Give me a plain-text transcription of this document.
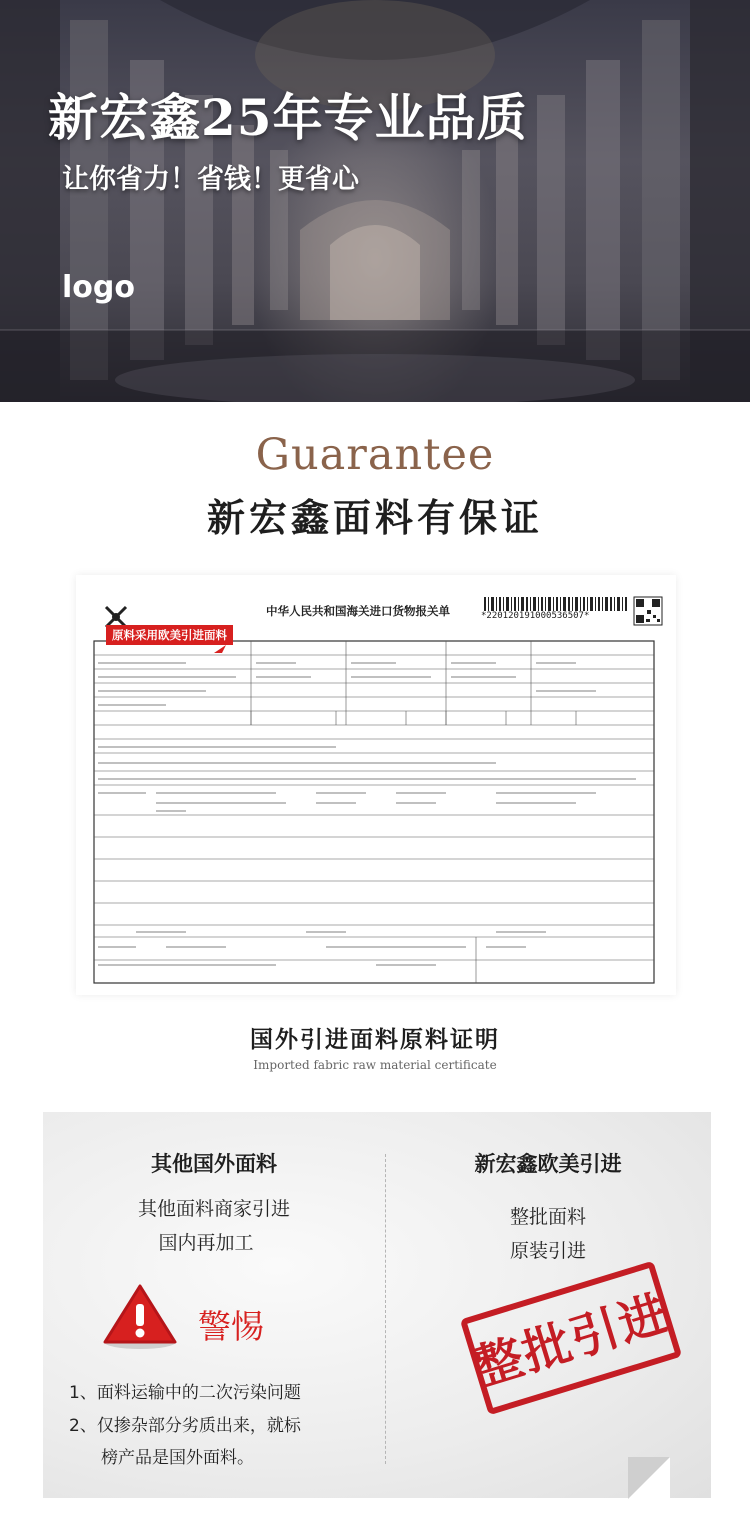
新宏鑫25年专业品质
让你省力！省钱！更省心
logo
Guarantee
新宏鑫面料有保证
中华人民共和国海关进口货物报关单	*220120191000536507*
原料采用欧美引进面料
国外引进面料原料证明
Imported fabric raw material certificate
其他国外面料
其他面料商家引进
国内再加工
警惕
1、面料运输中的二次污染问题
2、仅掺杂部分劣质出来，就标
榜产品是国外面料。
新宏鑫欧美引进
整批面料
原装引进
整批引进
